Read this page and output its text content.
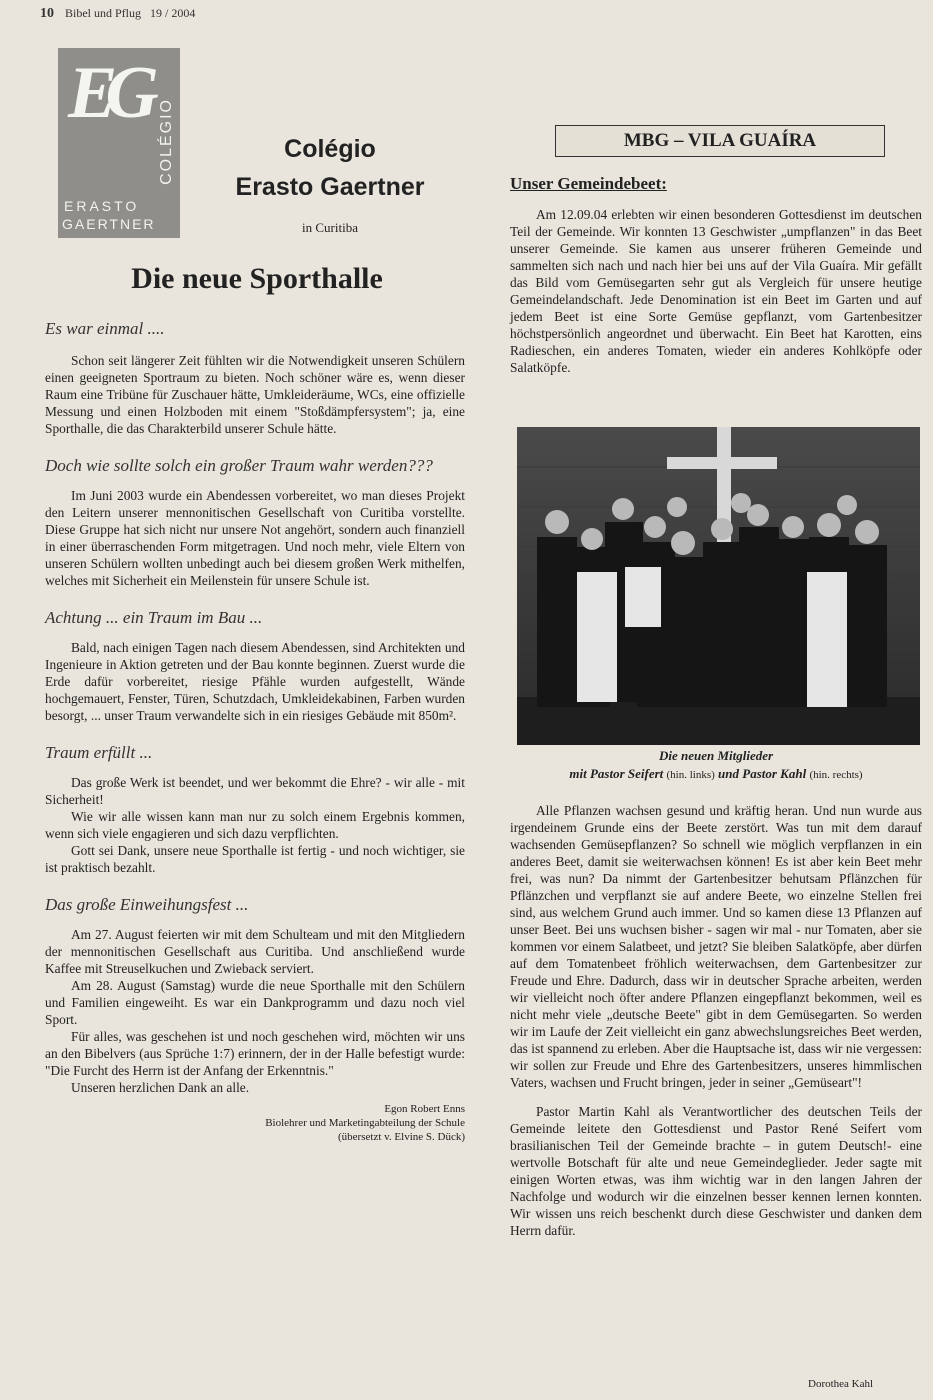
10 Bibel und Pflug 19 / 2004
EG
COLÉGIO
ERASTO
GAERTNER
Colégio
Erasto Gaertner
in Curitiba
Die neue Sporthalle
Es war einmal ....

Schon seit längerer Zeit fühlten wir die Notwendigkeit unseren Schülern einen geeigneten Sportraum zu bieten. Noch schöner wäre es, wenn dieser Raum eine Tribüne für Zuschauer hätte, Umkleideräume, WCs, eine offizielle Messung und einen Holzboden mit einem "Stoßdämpfersystem"; ja, eine Sporthalle, die das Charakterbild unserer Schule hätte.

Doch wie sollte solch ein großer Traum wahr werden???

Im Juni 2003 wurde ein Abendessen vorbereitet, wo man dieses Projekt den Leitern unserer mennonitischen Gesellschaft von Curitiba vorstellte. Diese Gruppe hat sich nicht nur unsere Not angehört, sondern auch finanziell in einer überraschenden Form mitgetragen. Und noch mehr, viele Eltern von unseren Schülern wollten unbedingt auch bei diesem großen Werk mithelfen, welches mit Sicherheit ein Meilenstein für unsere Schule ist.

Achtung ... ein Traum im Bau ...

Bald, nach einigen Tagen nach diesem Abendessen, sind Architekten und Ingenieure in Aktion getreten und der Bau konnte beginnen. Zuerst wurde die Erde dafür vorbereitet, riesige Pfähle wurden aufgestellt, Wände hochgemauert, Fenster, Türen, Schutzdach, Umkleidekabinen, Farben wurden besorgt, ... unser Traum verwandelte sich in ein riesiges Gebäude mit 850m².

Traum erfüllt ...

Das große Werk ist beendet, und wer bekommt die Ehre? - wir alle - mit Sicherheit!

Wie wir alle wissen kann man nur zu solch einem Ergebnis kommen, wenn sich viele engagieren und sich dazu verpflichten.

Gott sei Dank, unsere neue Sporthalle ist fertig - und noch wichtiger, sie ist praktisch bezahlt.

Das große Einweihungsfest ...

Am 27. August feierten wir mit dem Schulteam und mit den Mitgliedern der mennonitischen Gesellschaft aus Curitiba. Und anschließend wurde Kaffee mit Streuselkuchen und Zwieback serviert.

Am 28. August (Samstag) wurde die neue Sporthalle mit den Schülern und Familien eingeweiht. Es war ein Dankprogramm und dazu noch viel Sport.

Für alles, was geschehen ist und noch geschehen wird, möchten wir uns an den Bibelvers (aus Sprüche 1:7) erinnern, der in der Halle befestigt wurde: "Die Furcht des Herrn ist der Anfang der Erkenntnis."

Unseren herzlichen Dank an alle.

Egon Robert Enns
Biolehrer und Marketingabteilung der Schule
(übersetzt v. Elvine S. Dück)
MBG – VILA GUAÍRA
Unser Gemeindebeet:

Am 12.09.04 erlebten wir einen besonderen Gottesdienst im deutschen Teil der Gemeinde. Wir konnten 13 Geschwister „umpflanzen" in das Beet unserer Gemeinde. Sie kamen aus unserer früheren Gemeinde und sammelten sich nach und nach hier bei uns auf der Vila Guaíra. Mir gefällt das Bild vom Gemüsegarten sehr gut als Vergleich für unsere heutige Gemeindelandschaft. Jede Denomination ist ein Beet im Garten und auf jedem Beet ist eine Sorte Gemüse gepflanzt, vom Gartenbesitzer höchstpersönlich angeordnet und überwacht. Ein Beet hat Karotten, eins Radieschen, ein anderes Tomaten, wieder ein anderes Kohlköpfe oder Salatköpfe.

Die neuen Mitglieder
mit Pastor Seifert (hin. links) und Pastor Kahl (hin. rechts)

Alle Pflanzen wachsen gesund und kräftig heran. Und nun wurde aus irgendeinem Grunde eins der Beete zerstört. Was tun mit dem darauf wachsenden Gemüsepflanzen? So schnell wie möglich verpflanzen in ein anderes Beet, damit sie weiterwachsen können! Es ist aber kein Beet mehr frei, was nun? Da nimmt der Gartenbesitzer behutsam Pflänzchen für Pflänzchen und verpflanzt sie auf andere Beete, wo einzelne Stellen frei sind, aus welchem Grund auch immer. Und so kamen diese 13 Pflanzen auf unser Beet. Bei uns wuchsen bisher - sagen wir mal - nur Tomaten, aber sie kommen vor einem Salatbeet, und jetzt? Sie bleiben Salatköpfe, aber dürfen auf dem Tomatenbeet fröhlich weiterwachsen, dem Gartenbesitzer zur Freude und Ehre. Dadurch, dass wir in deutscher Sprache arbeiten, werden wir vielleicht noch öfter andere Pflanzen eingepflanzt bekommen, weil es nicht mehr viele „deutsche Beete" gibt in dem Gemüsegarten. So werden wir im Laufe der Zeit vielleicht ein ganz abwechslungsreiches Beet werden, das ist spannend zu erleben. Aber die Hauptsache ist, dass wir nie vergessen: wir sollen zur Freude und Ehre des Gartenbesitzers, unseres himmlischen Vaters, wachsen und Frucht bringen, jeder in seiner „Gemüseart"!

Pastor Martin Kahl als Verantwortlicher des deutschen Teils der Gemeinde leitete den Gottesdienst und Pastor René Seifert vom brasilianischen Teil der Gemeinde brachte – in gutem Deutsch!- eine wertvolle Botschaft für alte und neue Gemeindeglieder. Jeder sagte mit einigen Worten etwas, was ihm wichtig war in den langen Jahren der Nachfolge und wodurch wir die einzelnen besser kennen lernen konnten. Wir wissen uns reich beschenkt durch diese Geschwister und danken dem Herrn dafür.

Dorothea Kahl
